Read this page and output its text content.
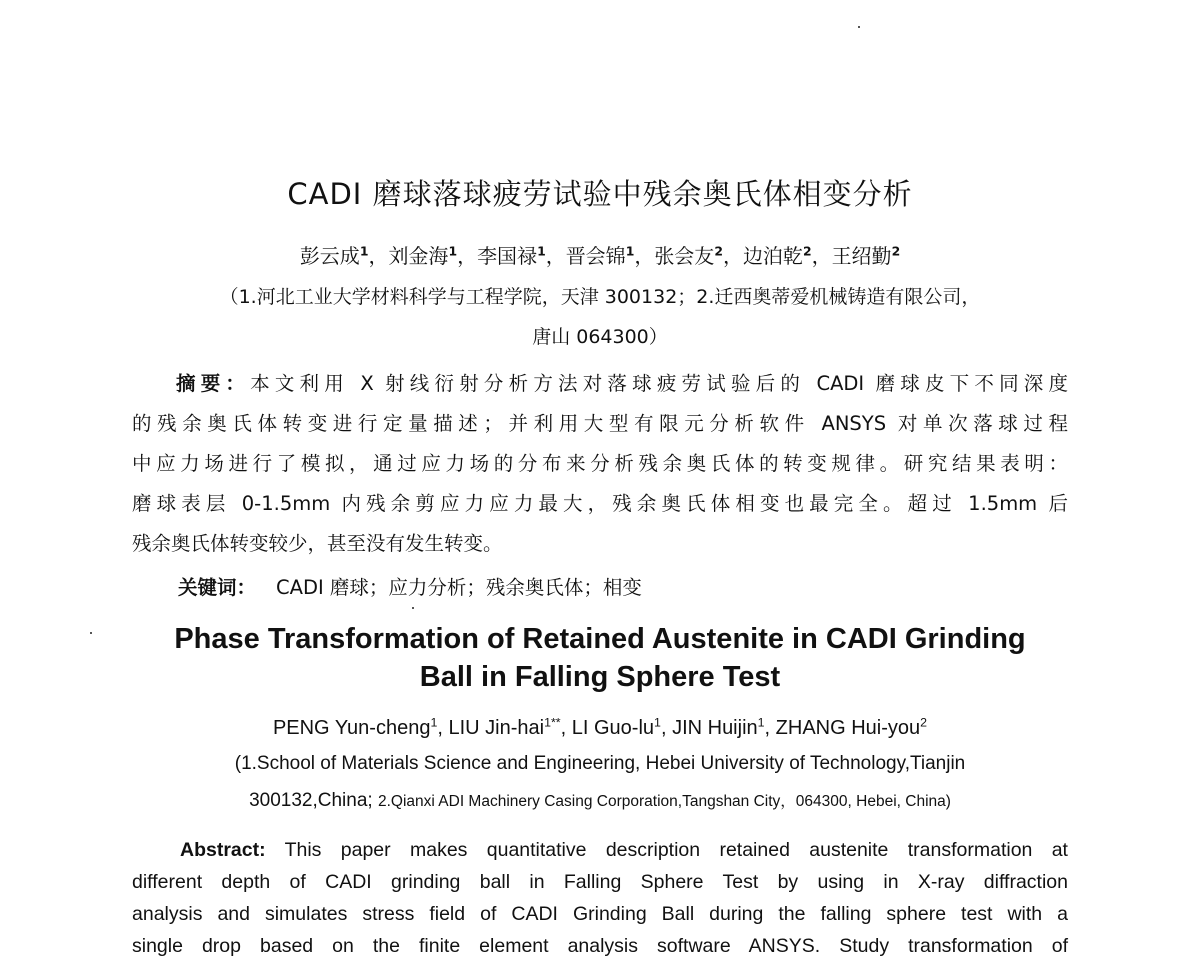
CADI 磨球落球疲劳试验中残余奥氏体相变分析
彭云成$^1$，刘金海$^1$，李国禄$^1$，晋会锦$^1$，张会友$^2$，边泊乾$^2$，王绍勤$^2$
（1.河北工业大学材料科学与工程学院，天津 300132；2.迁西奥蒂爱机械铸造有限公司，
唐山 064300）
摘要：本文利用 X 射线衍射分析方法对落球疲劳试验后的 CADI 磨球皮下不同深度
的残余奥氏体转变进行定量描述；并利用大型有限元分析软件 ANSYS 对单次落球过程
中应力场进行了模拟，通过应力场的分布来分析残余奥氏体的转变规律。研究结果表明：
磨球表层 0-1.5mm 内残余剪应力应力最大，残余奥氏体相变也最完全。超过 1.5mm 后
残余奥氏体转变较少，甚至没有发生转变。
关键词： CADI 磨球；应力分析；残余奥氏体；相变
Phase Transformation of Retained Austenite in CADI Grinding
Ball in Falling Sphere Test
PENG Yun-cheng$^1$, LIU Jin-hai$^{1**}$, LI Guo-$lu^1$, JIN Huijin$^1$, ZHANG Hui-you$^2$
(1.School of Materials Science and Engineering, Hebei University of Technology,Tianjin
300132,China; 2.Qianxi ADI Machinery Casing Corporation,Tangshan City，064300, Hebei, China)
Abstract: This paper makes quantitative description retained austenite transformation at
different depth of CADI grinding ball in Falling Sphere Test by using in X-ray diffraction
analysis and simulates stress field of CADI Grinding Ball during the falling sphere test with a
single drop based on the finite element analysis software ANSYS. Study transformation of
